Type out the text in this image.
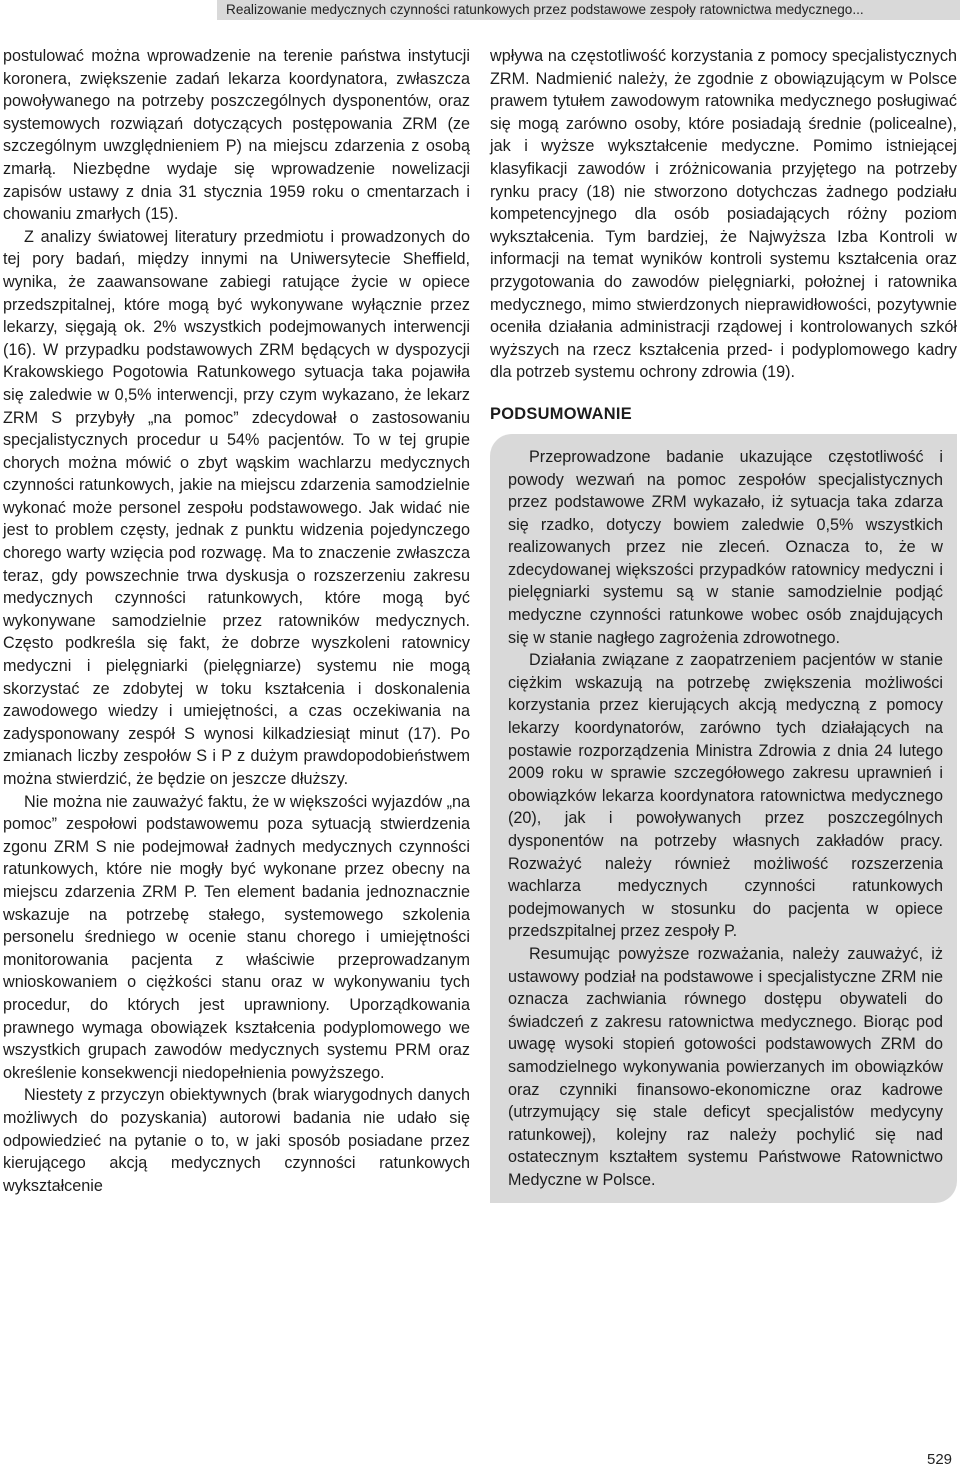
Realizowanie medycznych czynności ratunkowych przez podstawowe zespoły ratownictwa medycznego...

postulować można wprowadzenie na terenie państwa instytucji koronera, zwiększenie zadań lekarza koordynatora, zwłaszcza powoływanego na potrzeby poszczególnych dysponentów, oraz systemowych rozwiązań dotyczących postępowania ZRM (ze szczególnym uwzględnieniem P) na miejscu zdarzenia z osobą zmarłą. Niezbędne wydaje się wprowadzenie nowelizacji zapisów ustawy z dnia 31 stycznia 1959 roku o cmentarzach i chowaniu zmarłych (15).

Z analizy światowej literatury przedmiotu i prowadzonych do tej pory badań, między innymi na Uniwersytecie Sheffield, wynika, że zaawansowane zabiegi ratujące życie w opiece przedszpitalnej, które mogą być wykonywane wyłącznie przez lekarzy, sięgają ok. 2% wszystkich podejmowanych interwencji (16). W przypadku podstawowych ZRM będących w dyspozycji Krakowskiego Pogotowia Ratunkowego sytuacja taka pojawiła się zaledwie w 0,5% interwencji, przy czym wykazano, że lekarz ZRM S przybyły „na pomoc” zdecydował o zastosowaniu specjalistycznych procedur u 54% pacjentów. To w tej grupie chorych można mówić o zbyt wąskim wachlarzu medycznych czynności ratunkowych, jakie na miejscu zdarzenia samodzielnie wykonać może personel zespołu podstawowego. Jak widać nie jest to problem częsty, jednak z punktu widzenia pojedynczego chorego warty wzięcia pod rozwagę. Ma to znaczenie zwłaszcza teraz, gdy powszechnie trwa dyskusja o rozszerzeniu zakresu medycznych czynności ratunkowych, które mogą być wykonywane samodzielnie przez ratowników medycznych. Często podkreśla się fakt, że dobrze wyszkoleni ratownicy medyczni i pielęgniarki (pielęgniarze) systemu nie mogą skorzystać ze zdobytej w toku kształcenia i doskonalenia zawodowego wiedzy i umiejętności, a czas oczekiwania na zadysponowany zespół S wynosi kilkadziesiąt minut (17). Po zmianach liczby zespołów S i P z dużym prawdopodobieństwem można stwierdzić, że będzie on jeszcze dłuższy.

Nie można nie zauważyć faktu, że w większości wyjazdów „na pomoc” zespołowi podstawowemu poza sytuacją stwierdzenia zgonu ZRM S nie podejmował żadnych medycznych czynności ratunkowych, które nie mogły być wykonane przez obecny na miejscu zdarzenia ZRM P. Ten element badania jednoznacznie wskazuje na potrzebę stałego, systemowego szkolenia personelu średniego w ocenie stanu chorego i umiejętności monitorowania pacjenta z właściwie przeprowadzanym wnioskowaniem o ciężkości stanu oraz w wykonywaniu tych procedur, do których jest uprawniony. Uporządkowania prawnego wymaga obowiązek kształcenia podyplomowego we wszystkich grupach zawodów medycznych systemu PRM oraz określenie konsekwencji niedopełnienia powyższego.

Niestety z przyczyn obiektywnych (brak wiarygodnych danych możliwych do pozyskania) autorowi badania nie udało się odpowiedzieć na pytanie o to, w jaki sposób posiadane przez kierującego akcją medycznych czynności ratunkowych wykształcenie

wpływa na częstotliwość korzystania z pomocy specjalistycznych ZRM. Nadmienić należy, że zgodnie z obowiązującym w Polsce prawem tytułem zawodowym ratownika medycznego posługiwać się mogą zarówno osoby, które posiadają średnie (policealne), jak i wyższe wykształcenie medyczne. Pomimo istniejącej klasyfikacji zawodów i zróżnicowania przyjętego na potrzeby rynku pracy (18) nie stworzono dotychczas żadnego podziału kompetencyjnego dla osób posiadających różny poziom wykształcenia. Tym bardziej, że Najwyższa Izba Kontroli w informacji na temat wyników kontroli systemu kształcenia oraz przygotowania do zawodów pielęgniarki, położnej i ratownika medycznego, mimo stwierdzonych nieprawidłowości, pozytywnie oceniła działania administracji rządowej i kontrolowanych szkół wyższych na rzecz kształcenia przed- i podyplomowego kadry dla potrzeb systemu ochrony zdrowia (19).

PODSUMOWANIE

Przeprowadzone badanie ukazujące częstotliwość i powody wezwań na pomoc zespołów specjalistycznych przez podstawowe ZRM wykazało, iż sytuacja taka zdarza się rzadko, dotyczy bowiem zaledwie 0,5% wszystkich realizowanych przez nie zleceń. Oznacza to, że w zdecydowanej większości przypadków ratownicy medyczni i pielęgniarki systemu są w stanie samodzielnie podjąć medyczne czynności ratunkowe wobec osób znajdujących się w stanie nagłego zagrożenia zdrowotnego.

Działania związane z zaopatrzeniem pacjentów w stanie ciężkim wskazują na potrzebę zwiększenia możliwości korzystania przez kierujących akcją medyczną z pomocy lekarzy koordynatorów, zarówno tych działających na postawie rozporządzenia Ministra Zdrowia z dnia 24 lutego 2009 roku w sprawie szczegółowego zakresu uprawnień i obowiązków lekarza koordynatora ratownictwa medycznego (20), jak i powoływanych przez poszczególnych dysponentów na potrzeby własnych zakładów pracy. Rozważyć należy również możliwość rozszerzenia wachlarza medycznych czynności ratunkowych podejmowanych w stosunku do pacjenta w opiece przedszpitalnej przez zespoły P.

Resumując powyższe rozważania, należy zauważyć, iż ustawowy podział na podstawowe i specjalistyczne ZRM nie oznacza zachwiania równego dostępu obywateli do świadczeń z zakresu ratownictwa medycznego. Biorąc pod uwagę wysoki stopień gotowości podstawowych ZRM do samodzielnego wykonywania powierzanych im obowiązków oraz czynniki finansowo-ekonomiczne oraz kadrowe (utrzymujący się stale deficyt specjalistów medycyny ratunkowej), kolejny raz należy pochylić się nad ostatecznym kształtem systemu Państwowe Ratownictwo Medyczne w Polsce.

529
